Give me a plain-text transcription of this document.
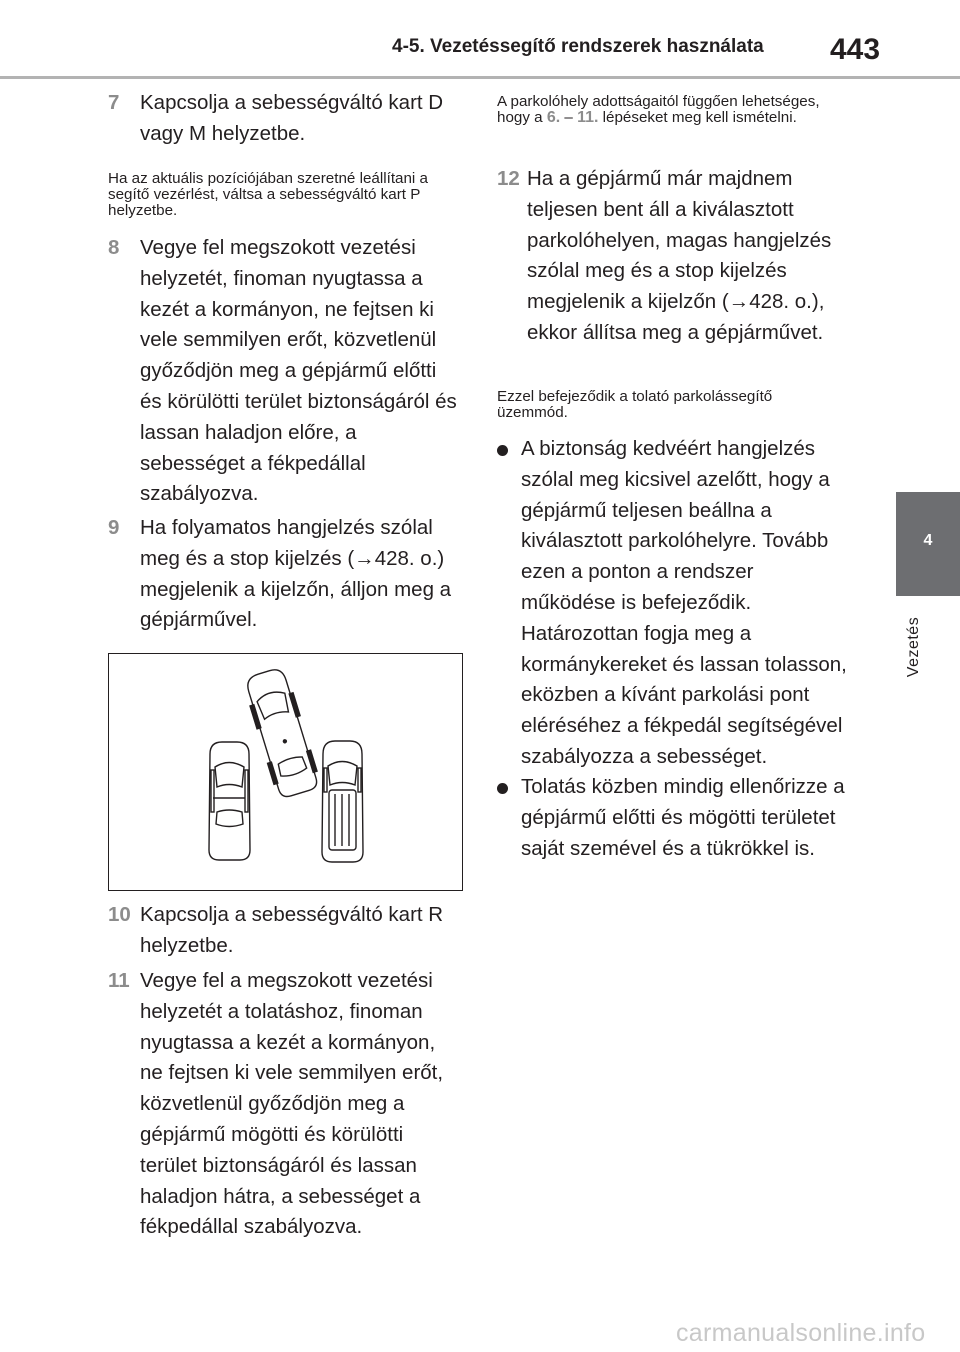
4-5. Vezetéssegítő rendszerek használata 443
4
Vezetés
7	Kapcsolja a sebességváltó kart D vagy M helyzetbe.
Ha az aktuális pozíciójában szeretné leállítani a segítő vezérlést, váltsa a sebességváltó kart P helyzetbe.
8	Vegye fel megszokott vezetési helyzetét, finoman nyugtassa a kezét a kormányon, ne fejtsen ki vele semmilyen erőt, közvetlenül győződjön meg a gépjármű előtti és körülötti terület biztonságáról és lassan haladjon előre, a sebességet a fékpedállal szabályozva.
9	Ha folyamatos hangjelzés szólal meg és a stop kijelzés (→428. o.) megjelenik a kijelzőn, álljon meg a gépjárművel.
10 Kapcsolja a sebességváltó kart R helyzetbe.
11 Vegye fel a megszokott vezetési helyzetét a tolatáshoz, finoman nyugtassa a kezét a kormányon, ne fejtsen ki vele semmilyen erőt, közvetlenül győződjön meg a gépjármű mögötti és körülötti terület biztonságáról és lassan haladjon hátra, a sebességet a fékpedállal szabályozva.
A parkolóhely adottságaitól függően lehetséges, hogy a 6. – 11. lépéseket meg kell ismételni.
12 Ha a gépjármű már majdnem teljesen bent áll a kiválasztott parkolóhelyen, magas hangjelzés szólal meg és a stop kijelzés megjelenik a kijelzőn (→428. o.), ekkor állítsa meg a gépjárművet.
Ezzel befejeződik a tolató parkolássegítő üzemmód.
A biztonság kedvéért hangjelzés szólal meg kicsivel azelőtt, hogy a gépjármű teljesen beállna a kiválasztott parkolóhelyre. Tovább ezen a ponton a rendszer működése is befejeződik. Határozottan fogja meg a kormánykereket és lassan tolasson, eközben a kívánt parkolási pont eléréséhez a fékpedál segítségével szabályozza a sebességet.
Tolatás közben mindig ellenőrizze a gépjármű előtti és mögötti területet saját szemével és a tükrökkel is.
carmanualsonline.info
